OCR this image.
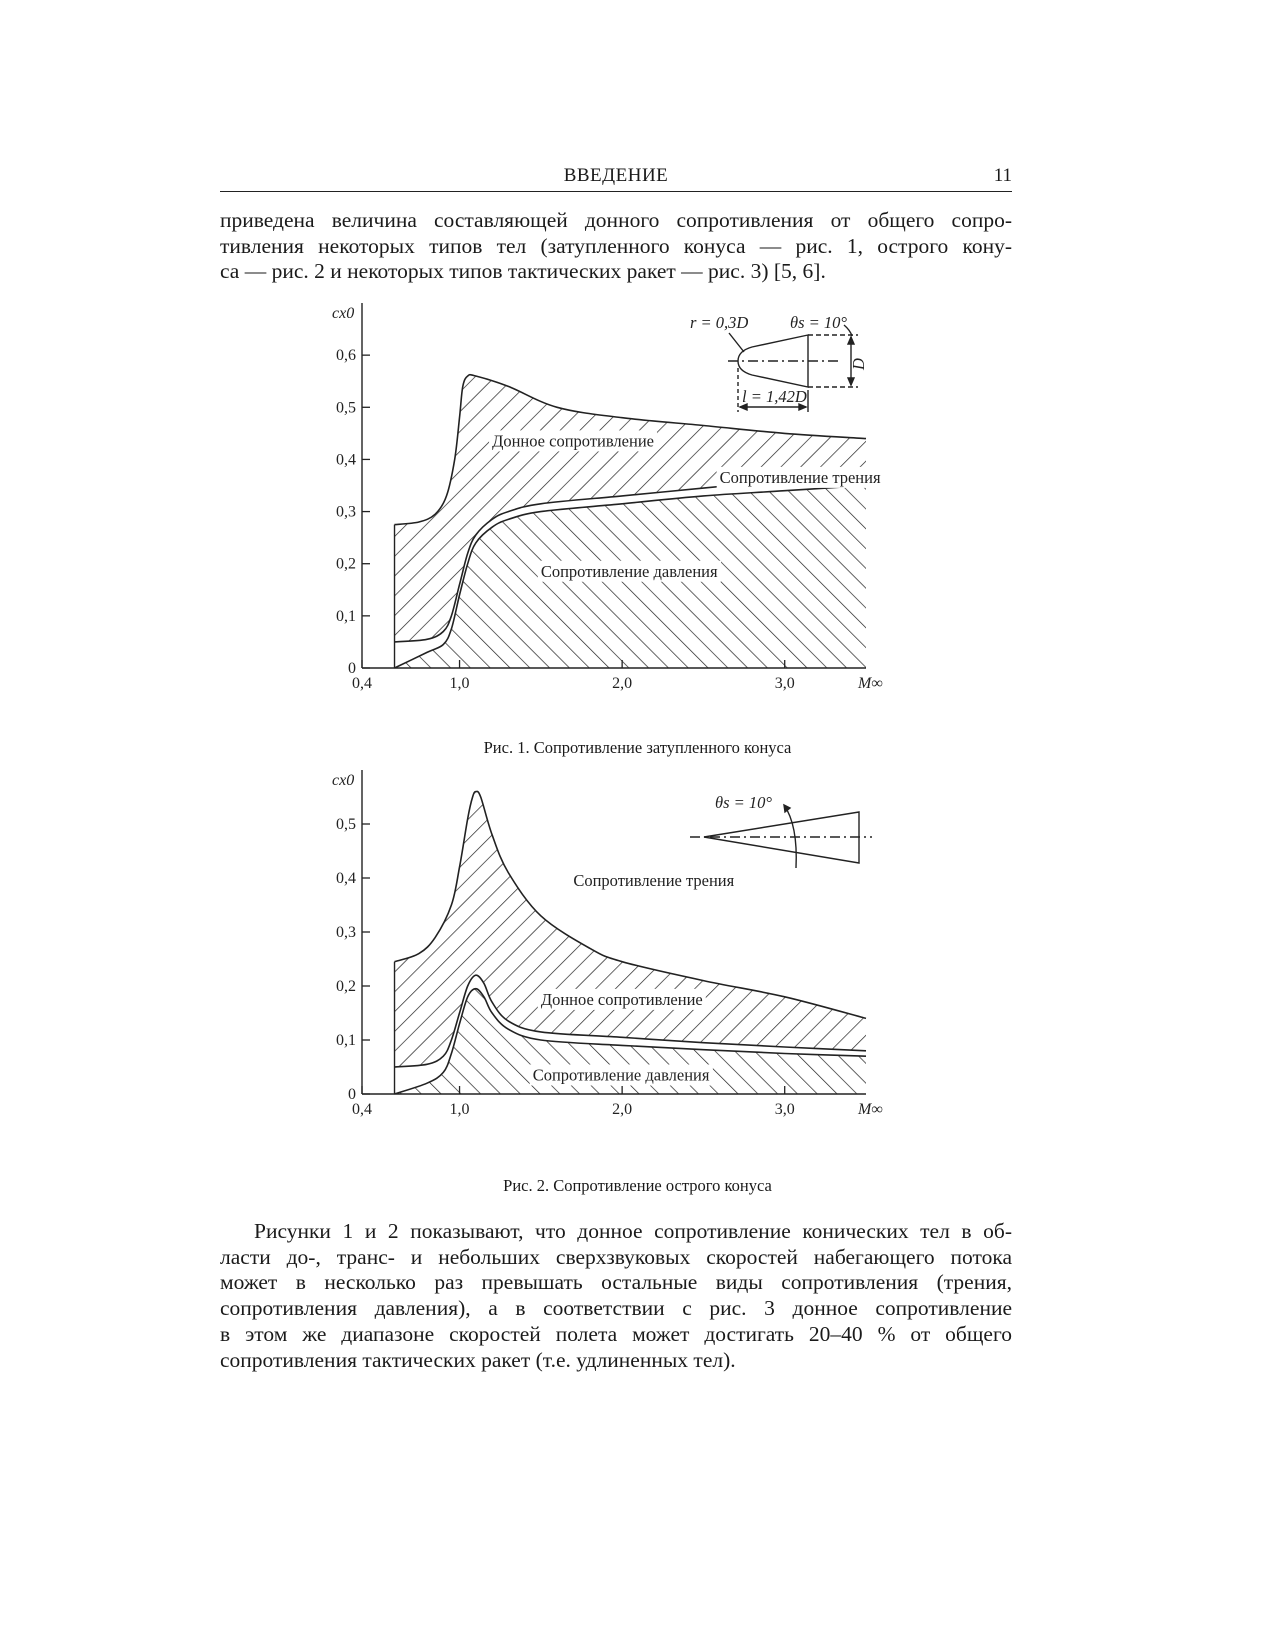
ВВЕДЕНИЕ	11

приведена величина составляющей донного сопротивления от общего сопро-
тивления некоторых типов тел (затупленного конуса — рис. 1, острого кону-
са — рис. 2 и некоторых типов тактических ракет — рис. 3) [5, 6].

r = 0,3D	θs = 10°
l = 1,42D
D
θs = 10°
0
0,1
0,2
0,3
0,4
0,5
0,6
0,4	1,0	2,0	3,0
cx0
M∞
Донное сопротивление
Сопротивление трения
Сопротивление давления
0
0,1
0,2
0,3
0,4
0,5
0,4	1,0	2,0	3,0
cx0
M∞
Сопротивление трения
Донное сопротивление
Сопротивление давления
Рис. 1. Сопротивление затупленного конуса
Рис. 2. Сопротивление острого конуса

Рисунки 1 и 2 показывают, что донное сопротивление конических тел в об-
ласти до-, транс- и небольших сверхзвуковых скоростей набегающего потока
может в несколько раз превышать остальные виды сопротивления (трения,
сопротивления давления), а в соответствии с рис. 3 донное сопротивление
в этом же диапазоне скоростей полета может достигать 20–40 % от общего
сопротивления тактических ракет (т.е. удлиненных тел).
